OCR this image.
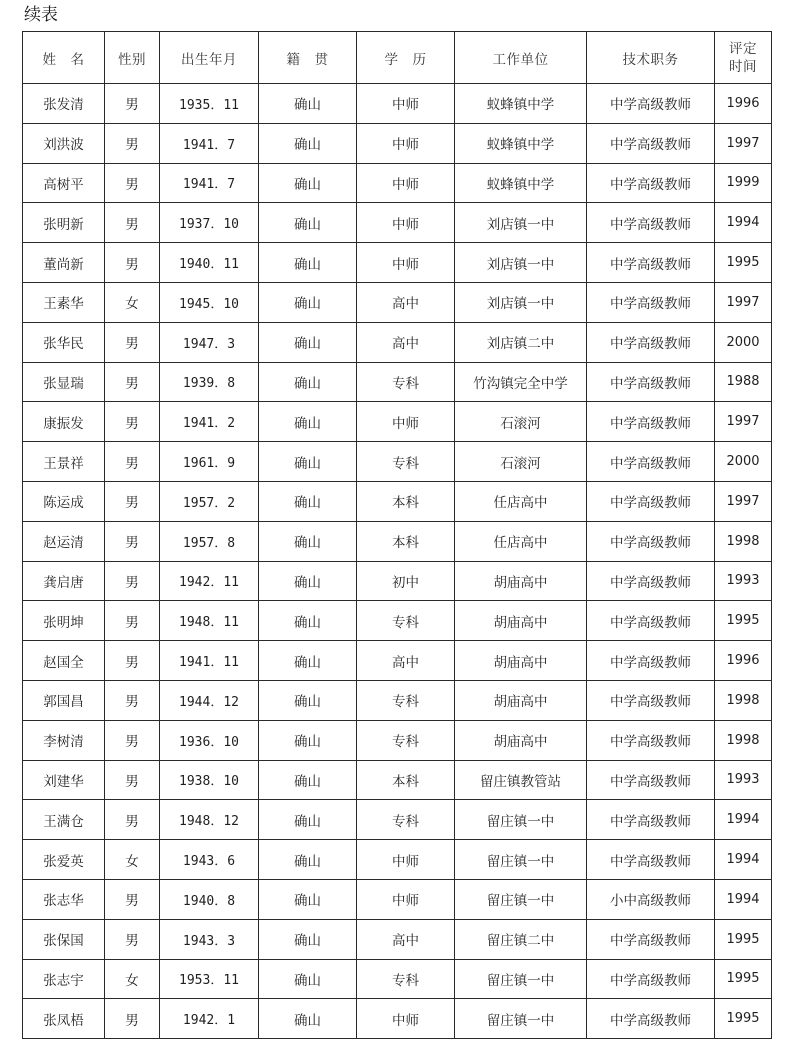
续表
姓　名	性别	出生年月	籍　贯	学　历	工作单位	技术职务	评定
时间
张发清	男	1935．11	确山	中师	蚁蜂镇中学	中学高级教师	1996
刘洪波	男	1941．7	确山	中师	蚁蜂镇中学	中学高级教师	1997
高树平	男	1941．7	确山	中师	蚁蜂镇中学	中学高级教师	1999
张明新	男	1937．10	确山	中师	刘店镇一中	中学高级教师	1994
董尚新	男	1940．11	确山	中师	刘店镇一中	中学高级教师	1995
王素华	女	1945．10	确山	高中	刘店镇一中	中学高级教师	1997
张华民	男	1947．3	确山	高中	刘店镇二中	中学高级教师	2000
张显瑞	男	1939．8	确山	专科	竹沟镇完全中学	中学高级教师	1988
康振发	男	1941．2	确山	中师	石滚河	中学高级教师	1997
王景祥	男	1961．9	确山	专科	石滚河	中学高级教师	2000
陈运成	男	1957．2	确山	本科	任店高中	中学高级教师	1997
赵运清	男	1957．8	确山	本科	任店高中	中学高级教师	1998
龚启唐	男	1942．11	确山	初中	胡庙高中	中学高级教师	1993
张明坤	男	1948．11	确山	专科	胡庙高中	中学高级教师	1995
赵国全	男	1941．11	确山	高中	胡庙高中	中学高级教师	1996
郭国昌	男	1944．12	确山	专科	胡庙高中	中学高级教师	1998
李树清	男	1936．10	确山	专科	胡庙高中	中学高级教师	1998
刘建华	男	1938．10	确山	本科	留庄镇教管站	中学高级教师	1993
王满仓	男	1948．12	确山	专科	留庄镇一中	中学高级教师	1994
张爱英	女	1943．6	确山	中师	留庄镇一中	中学高级教师	1994
张志华	男	1940．8	确山	中师	留庄镇一中	小中高级教师	1994
张保国	男	1943．3	确山	高中	留庄镇二中	中学高级教师	1995
张志宇	女	1953．11	确山	专科	留庄镇一中	中学高级教师	1995
张凤梧	男	1942．1	确山	中师	留庄镇一中	中学高级教师	1995
